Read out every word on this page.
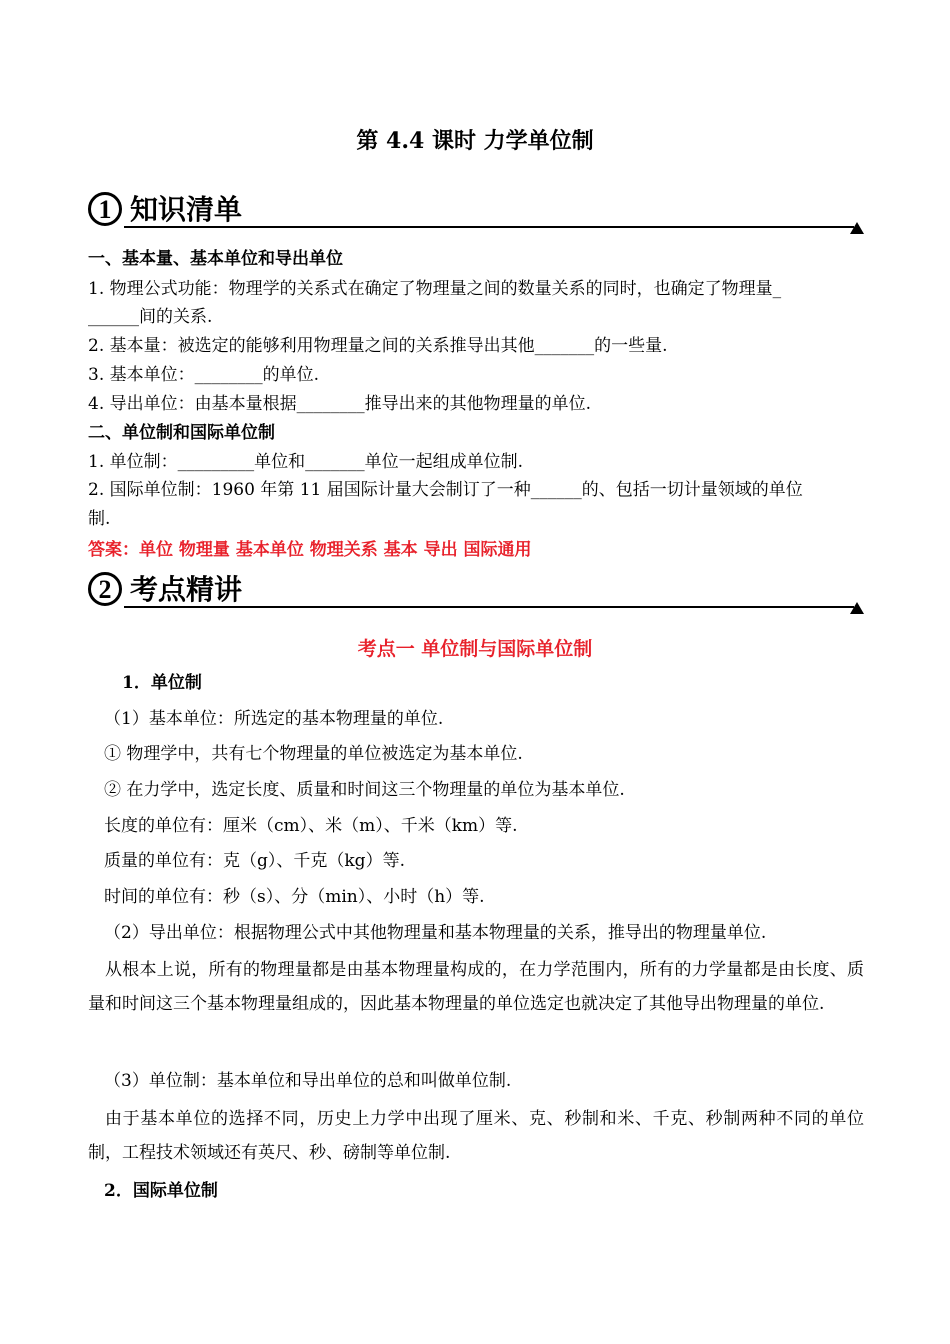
第 4.4 课时 力学单位制
1 知识清单
一、基本量、基本单位和导出单位
1. 物理公式功能：物理学的关系式在确定了物理量之间的数量关系的同时，也确定了物理量_
______间的关系.
2. 基本量：被选定的能够利用物理量之间的关系推导出其他_______的一些量.
3. 基本单位：________的单位.
4. 导出单位：由基本量根据________推导出来的其他物理量的单位.
二、单位制和国际单位制
1. 单位制：_________单位和_______单位一起组成单位制.
2. 国际单位制：1960 年第 11 届国际计量大会制订了一种______的、包括一切计量领域的单位
制.
答案：单位 物理量 基本单位 物理关系 基本 导出 国际通用
2 考点精讲
考点一 单位制与国际单位制
1．单位制
（1）基本单位：所选定的基本物理量的单位.
① 物理学中，共有七个物理量的单位被选定为基本单位.
② 在力学中，选定长度、质量和时间这三个物理量的单位为基本单位.
长度的单位有：厘米（cm）、米（m）、千米（km）等.
质量的单位有：克（g）、千克（kg）等.
时间的单位有：秒（s）、分（min）、小时（h）等.
（2）导出单位：根据物理公式中其他物理量和基本物理量的关系，推导出的物理量单位.
从根本上说，所有的物理量都是由基本物理量构成的，在力学范围内，所有的力学量都是由长度、质量和时间这三个基本物理量组成的，因此基本物理量的单位选定也就决定了其他导出物理量的单位.
（3）单位制：基本单位和导出单位的总和叫做单位制.
由于基本单位的选择不同，历史上力学中出现了厘米、克、秒制和米、千克、秒制两种不同的单位制，工程技术领域还有英尺、秒、磅制等单位制.
2．国际单位制
